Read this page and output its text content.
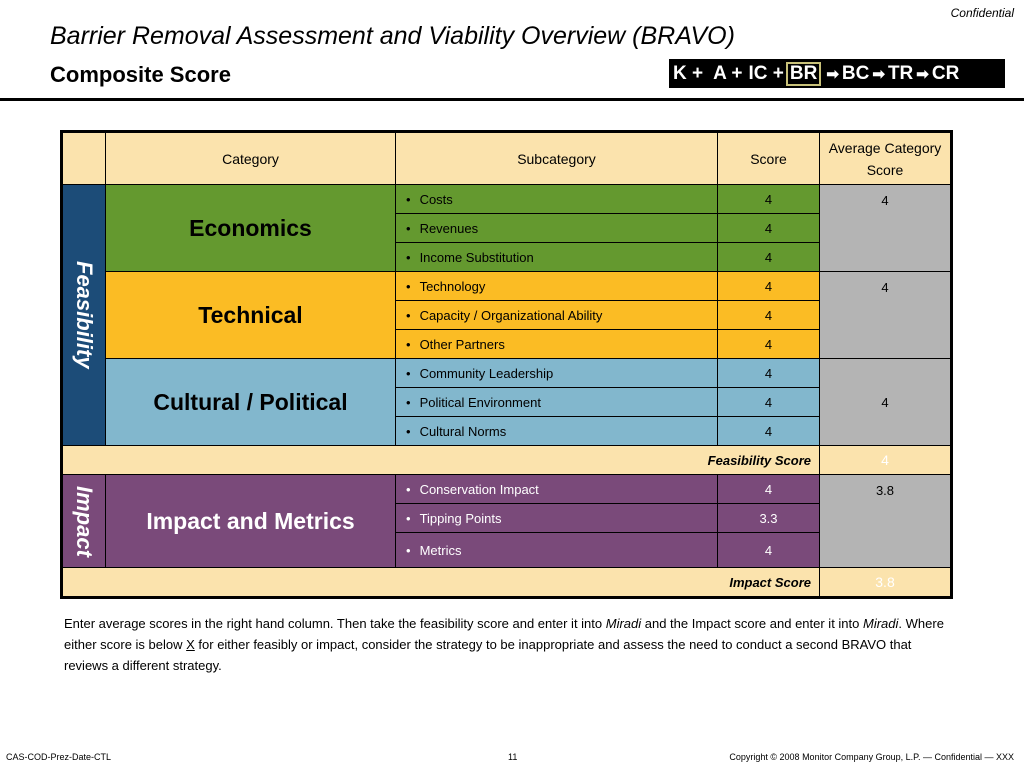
Confidential
Barrier Removal Assessment and Viability Overview (BRAVO)
Composite Score	K + A + IC + BR ➡ BC ➡ TR ➡ CR
	Category	Subcategory	Score	Average Category Score

Feasibility	Economics	• Costs	4	4
		• Revenues	4	
		• Income Substitution	4	
	Technical	• Technology	4	4
		• Capacity / Organizational Ability	4	
		• Other Partners	4	
	Cultural / Political	• Community Leadership	4	4
		• Political Environment	4	
		• Cultural Norms	4	
Feasibility Score				4

Impact	Impact and Metrics	• Conservation Impact	4	3.8
		• Tipping Points	3.3	
		• Metrics	4	
Impact Score				3.8
Enter average scores in the right hand column. Then take the feasibility score and enter it into Miradi and the Impact score and enter it into Miradi. Where either score is below X for either feasibly or impact, consider the strategy to be inappropriate and assess the need to conduct a second BRAVO that reviews a different strategy.
CAS-COD-Prez-Date-CTL	11	Copyright © 2008 Monitor Company Group, L.P. — Confidential — XXX
